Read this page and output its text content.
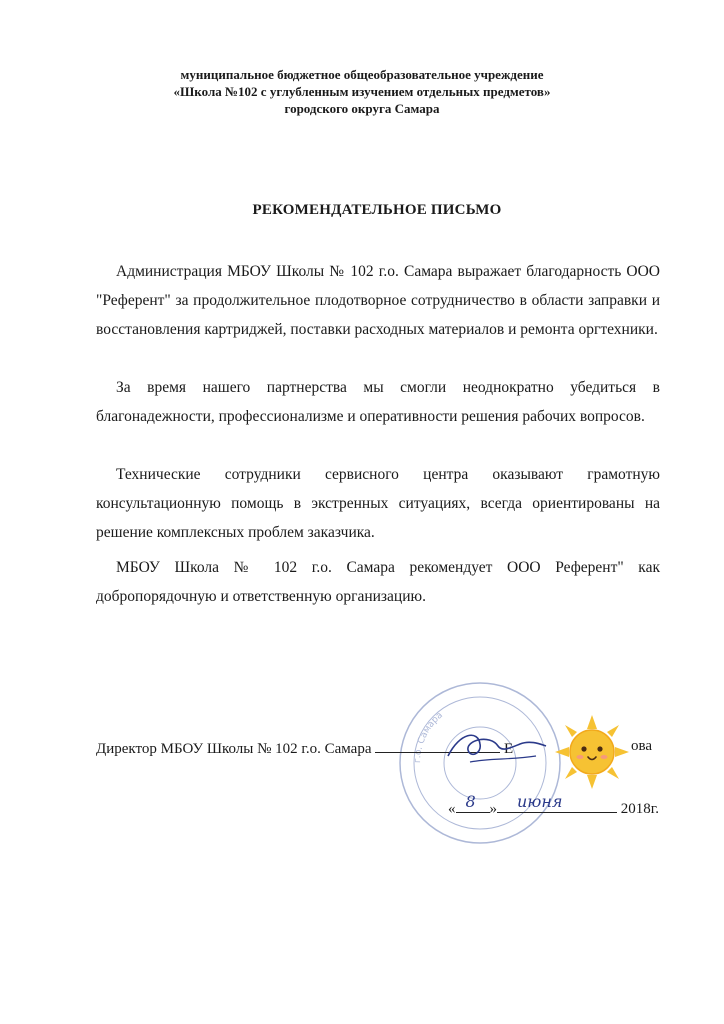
муниципальное бюджетное общеобразовательное учреждение
«Школа №102 с углубленным изучением отдельных предметов»
городского округа Самара
РЕКОМЕНДАТЕЛЬНОЕ ПИСЬМО
Администрация МБОУ Школы № 102 г.о. Самара выражает благодарность ООО "Референт" за продолжительное плодотворное сотрудничество в области заправки и восстановления картриджей, поставки расходных материалов и ремонта оргтехники.
За время нашего партнерства мы смогли неоднократно убедиться в благонадежности, профессионализме и оперативности решения рабочих вопросов.
Технические сотрудники сервисного центра оказывают грамотную консультационную помощь в экстренных ситуациях, всегда ориентированы на решение комплексных проблем заказчика.
МБОУ Школа № 102 г.о. Самара рекомендует ООО Референт" как добропорядочную и ответственную организацию.
г.о. Самара
Директор МБОУ Школы № 102 г.о. Самара	Е	ова
« 8 » июня	2018г.
